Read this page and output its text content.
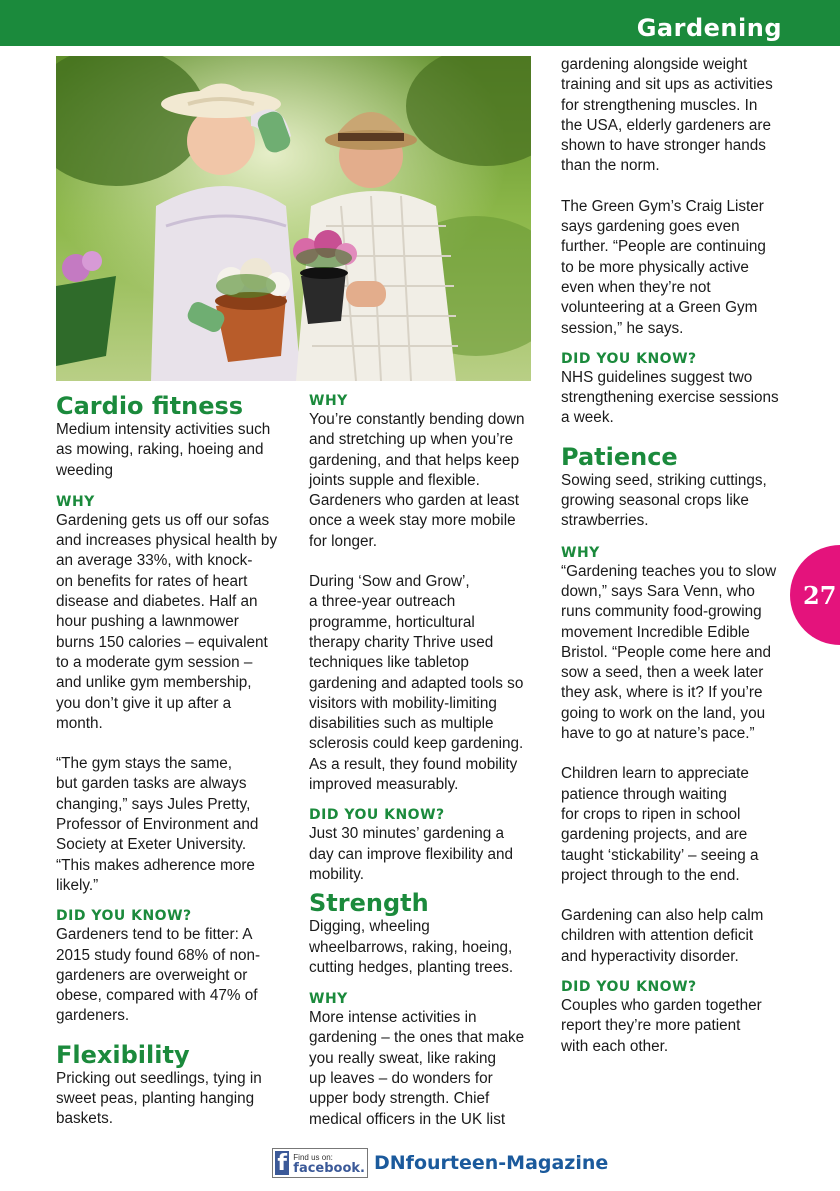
Gardening
Cardio fitness

Medium intensity activities such
as mowing, raking, hoeing and
weeding

WHY

Gardening gets us off our sofas
and increases physical health by
an average 33%, with knock-
on benefits for rates of heart
disease and diabetes. Half an
hour pushing a lawnmower
burns 150 calories – equivalent
to a moderate gym session –
and unlike gym membership,
you don’t give it up after a
month.

“The gym stays the same,
but garden tasks are always
changing,” says Jules Pretty,
Professor of Environment and
Society at Exeter University.
“This makes adherence more
likely.”

DID YOU KNOW?

Gardeners tend to be fitter: A
2015 study found 68% of non-
gardeners are overweight or
obese, compared with 47% of
gardeners.

Flexibility

Pricking out seedlings, tying in
sweet peas, planting hanging
baskets.

WHY

You’re constantly bending down
and stretching up when you’re
gardening, and that helps keep
joints supple and flexible.
Gardeners who garden at least
once a week stay more mobile
for longer.

During ‘Sow and Grow’,
a three-year outreach
programme, horticultural
therapy charity Thrive used
techniques like tabletop
gardening and adapted tools so
visitors with mobility-limiting
disabilities such as multiple
sclerosis could keep gardening.
As a result, they found mobility
improved measurably.

DID YOU KNOW?

Just 30 minutes’ gardening a
day can improve flexibility and
mobility.

Strength

Digging, wheeling
wheelbarrows, raking, hoeing,
cutting hedges, planting trees.

WHY

More intense activities in
gardening – the ones that make
you really sweat, like raking
up leaves – do wonders for
upper body strength. Chief
medical officers in the UK list

gardening alongside weight
training and sit ups as activities
for strengthening muscles. In
the USA, elderly gardeners are
shown to have stronger hands
than the norm.

The Green Gym’s Craig Lister
says gardening goes even
further. “People are continuing
to be more physically active
even when they’re not
volunteering at a Green Gym
session,” he says.

DID YOU KNOW?

NHS guidelines suggest two
strengthening exercise sessions
a week.

Patience

Sowing seed, striking cuttings,
growing seasonal crops like
strawberries.

WHY

“Gardening teaches you to slow
down,” says Sara Venn, who
runs community food-growing
movement Incredible Edible
Bristol. “People come here and
sow a seed, then a week later
they ask, where is it? If you’re
going to work on the land, you
have to go at nature’s pace.”

Children learn to appreciate
patience through waiting
for crops to ripen in school
gardening projects, and are
taught ‘stickability’ – seeing a
project through to the end.

Gardening can also help calm
children with attention deficit
and hyperactivity disorder.

DID YOU KNOW?

Couples who garden together
report they’re more patient
with each other.

27
f Find us on:
facebook. DNfourteen-Magazine
